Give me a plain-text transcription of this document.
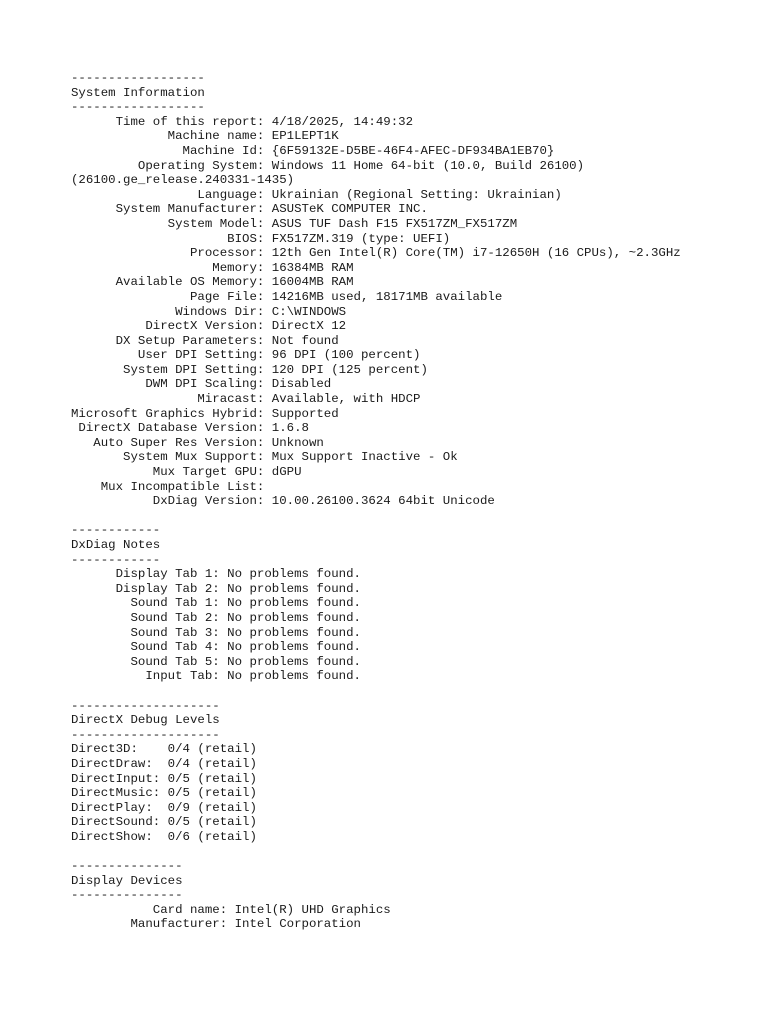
------------------
System Information
------------------
Time of this report: 4/18/2025, 14:49:32
Machine name: EP1LEPT1K
Machine Id: {6F59132E-D5BE-46F4-AFEC-DF934BA1EB70}
Operating System: Windows 11 Home 64-bit (10.0, Build 26100)
(26100.ge_release.240331-1435)
Language: Ukrainian (Regional Setting: Ukrainian)
System Manufacturer: ASUSTeK COMPUTER INC.
System Model: ASUS TUF Dash F15 FX517ZM_FX517ZM
BIOS: FX517ZM.319 (type: UEFI)
Processor: 12th Gen Intel(R) Core(TM) i7-12650H (16 CPUs), ~2.3GHz
Memory: 16384MB RAM
Available OS Memory: 16004MB RAM
Page File: 14216MB used, 18171MB available
Windows Dir: C:\WINDOWS
DirectX Version: DirectX 12
DX Setup Parameters: Not found
User DPI Setting: 96 DPI (100 percent)
System DPI Setting: 120 DPI (125 percent)
DWM DPI Scaling: Disabled
Miracast: Available, with HDCP
Microsoft Graphics Hybrid: Supported
DirectX Database Version: 1.6.8
Auto Super Res Version: Unknown
System Mux Support: Mux Support Inactive - Ok
Mux Target GPU: dGPU
Mux Incompatible List:
DxDiag Version: 10.00.26100.3624 64bit Unicode

------------
DxDiag Notes
------------
Display Tab 1: No problems found.
Display Tab 2: No problems found.
Sound Tab 1: No problems found.
Sound Tab 2: No problems found.
Sound Tab 3: No problems found.
Sound Tab 4: No problems found.
Sound Tab 5: No problems found.
Input Tab: No problems found.

--------------------
DirectX Debug Levels
--------------------
Direct3D:    0/4 (retail)
DirectDraw:  0/4 (retail)
DirectInput: 0/5 (retail)
DirectMusic: 0/5 (retail)
DirectPlay:  0/9 (retail)
DirectSound: 0/5 (retail)
DirectShow:  0/6 (retail)

---------------
Display Devices
---------------
Card name: Intel(R) UHD Graphics
Manufacturer: Intel Corporation
